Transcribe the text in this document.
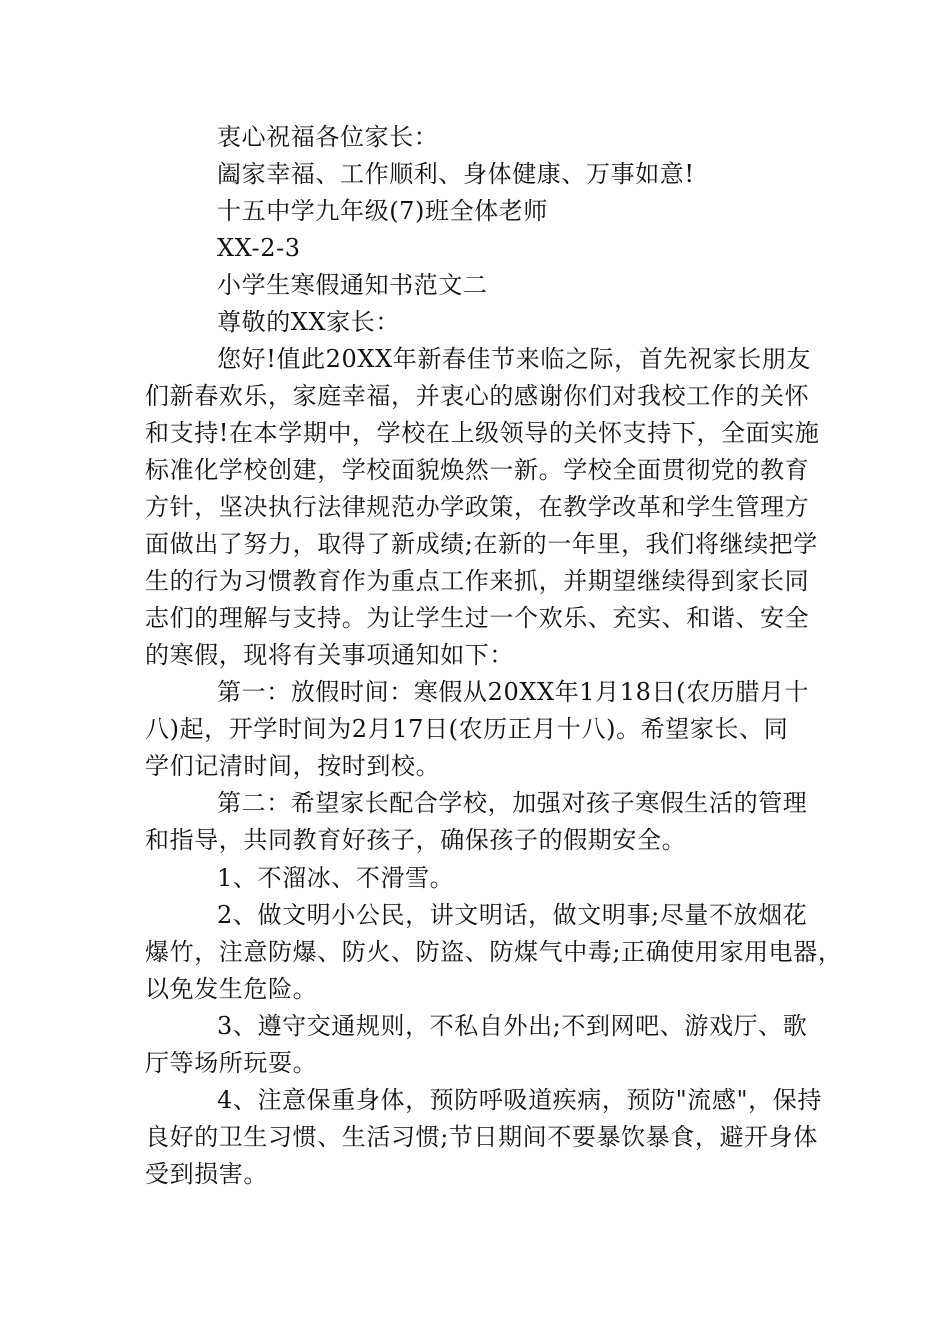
衷心祝福各位家长：
阖家幸福、工作顺利、身体健康、万事如意!
十五中学九年级(7)班全体老师
XX-2-3
小学生寒假通知书范文二
尊敬的XX家长：
您好!值此20XX年新春佳节来临之际，首先祝家长朋友
们新春欢乐，家庭幸福，并衷心的感谢你们对我校工作的关怀
和支持!在本学期中，学校在上级领导的关怀支持下，全面实施
标准化学校创建，学校面貌焕然一新。学校全面贯彻党的教育
方针，坚决执行法律规范办学政策，在教学改革和学生管理方
面做出了努力，取得了新成绩;在新的一年里，我们将继续把学
生的行为习惯教育作为重点工作来抓，并期望继续得到家长同
志们的理解与支持。为让学生过一个欢乐、充实、和谐、安全
的寒假，现将有关事项通知如下：
第一：放假时间：寒假从20XX年1月18日(农历腊月十
八)起，开学时间为2月17日(农历正月十八)。希望家长、同
学们记清时间，按时到校。
第二：希望家长配合学校，加强对孩子寒假生活的管理
和指导，共同教育好孩子，确保孩子的假期安全。
1、不溜冰、不滑雪。
2、做文明小公民，讲文明话，做文明事;尽量不放烟花
爆竹，注意防爆、防火、防盗、防煤气中毒;正确使用家用电器，
以免发生危险。
3、遵守交通规则，不私自外出;不到网吧、游戏厅、歌
厅等场所玩耍。
4、注意保重身体，预防呼吸道疾病，预防"流感"，保持
良好的卫生习惯、生活习惯;节日期间不要暴饮暴食，避开身体
受到损害。
